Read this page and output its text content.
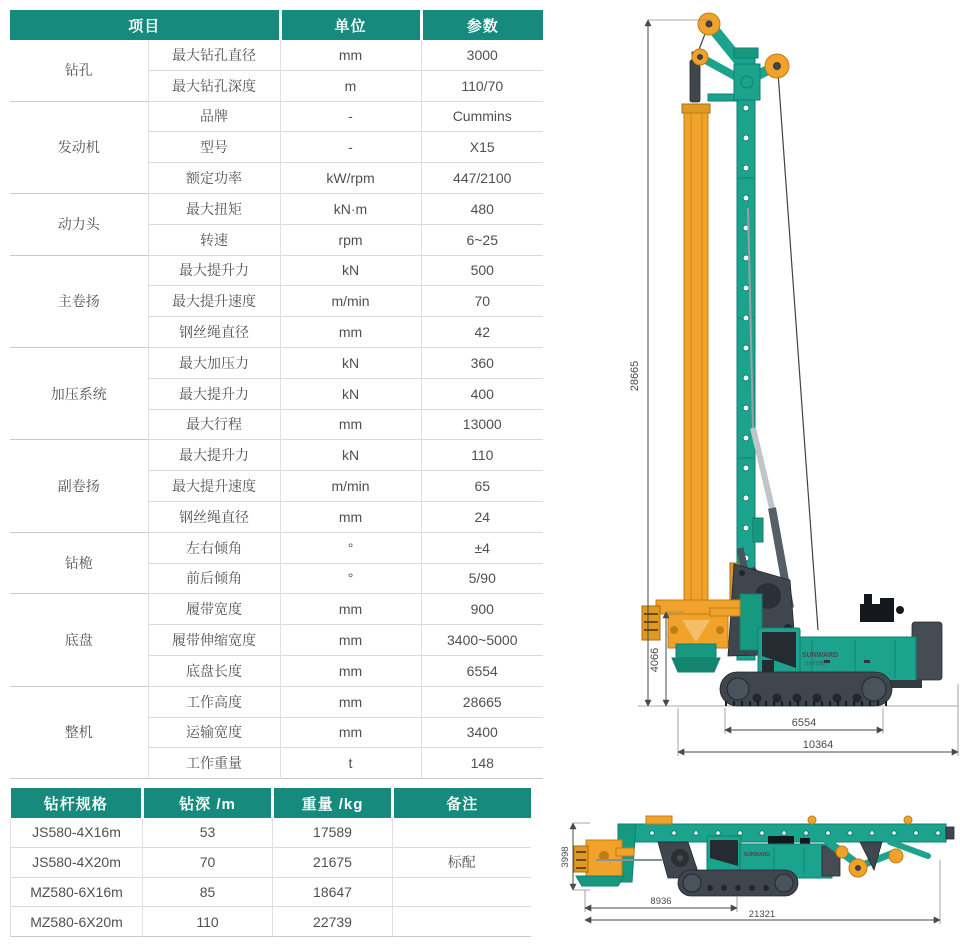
项目		单位	参数
钻孔	最大钻孔直径	mm	3000
	最大钻孔深度	m	110/70
发动机	品牌	-	Cummins
	型号	-	X15
	额定功率	kW/rpm	447/2100
动力头	最大扭矩	kN·m	480
	转速	rpm	6~25
主卷扬	最大提升力	kN	500
	最大提升速度	m/min	70
	钢丝绳直径	mm	42
加压系统	最大加压力	kN	360
	最大提升力	kN	400
	最大行程	mm	13000
副卷扬	最大提升力	kN	110
	最大提升速度	m/min	65
	钢丝绳直径	mm	24
钻桅	左右倾角	°	±4
	前后倾角	°	5/90
底盘	履带宽度	mm	900
	履带伸缩宽度	mm	3400~5000
	底盘长度	mm	6554
整机	工作高度	mm	28665
	运输宽度	mm	3400
	工作重量	t	148
钻杆规格	钻深 /m	重量 /kg	备注
JS580-4X16m	53	17589	
JS580-4X20m	70	21675	标配
MZ580-6X16m	85	18647	
MZ580-6X20m	110	22739	
SUNWARD
山河智能
28665
4066
6554
10364
SUNWARD
3998
8936
21321
